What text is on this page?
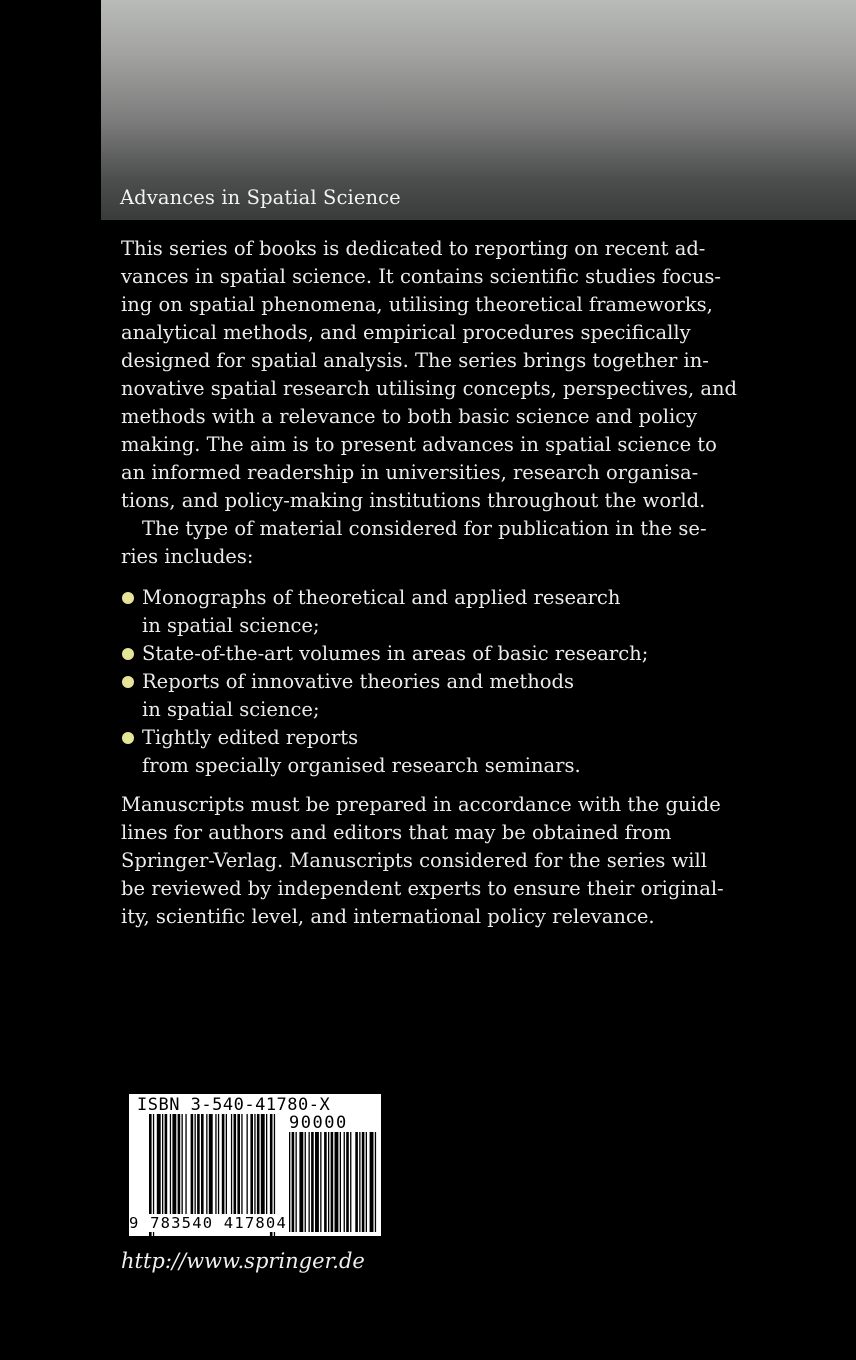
Advances in Spatial Science
This series of books is dedicated to reporting on recent ad-
vances in spatial science. It contains scientific studies focus-
ing on spatial phenomena, utilising theoretical frameworks,
analytical methods, and empirical procedures specifically
designed for spatial analysis. The series brings together in-
novative spatial research utilising concepts, perspectives, and
methods with a relevance to both basic science and policy
making. The aim is to present advances in spatial science to
an informed readership in universities, research organisa-
tions, and policy-making institutions throughout the world.
The type of material considered for publication in the se-
ries includes:
Monographs of theoretical and applied research
in spatial science;
State-of-the-art volumes in areas of basic research;
Reports of innovative theories and methods
in spatial science;
Tightly edited reports
from specially organised research seminars.
Manuscripts must be prepared in accordance with the guide
lines for authors and editors that may be obtained from
Springer-Verlag. Manuscripts considered for the series will
be reviewed by independent experts to ensure their original-
ity, scientific level, and international policy relevance.
ISBN 3-540-41780-X
90000
9 783540 417804
http://www.springer.de
